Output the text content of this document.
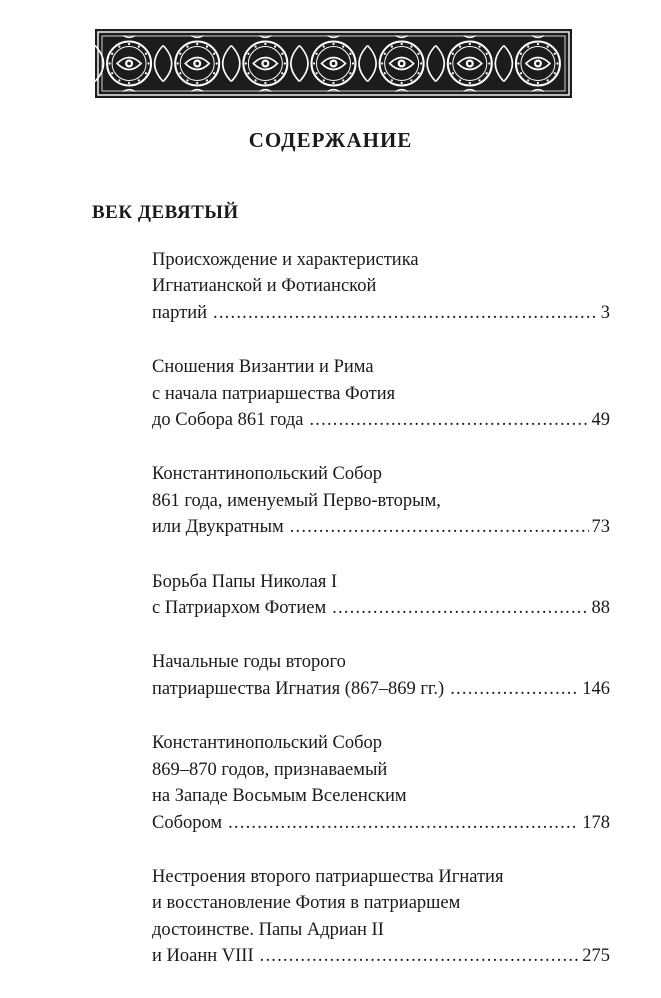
СОДЕРЖАНИЕ
ВЕК ДЕВЯТЫЙ
Происхождение и характеристика
Игнатианской и Фотианской
партий .....	3
Сношения Византии и Рима
с начала патриаршества Фотия
до Собора 861 года .....	49
Константинопольский Собор
861 года, именуемый Перво-вторым,
или Двукратным .....	73
Борьба Папы Николая I
с Патриархом Фотием .....	88
Начальные годы второго
патриаршества Игнатия (867–869 гг.) .....	146
Константинопольский Собор
869–870 годов, признаваемый
на Западе Восьмым Вселенским
Собором .....	178
Нестроения второго патриаршества Игнатия
и восстановление Фотия в патриаршем
достоинстве. Папы Адриан II
и Иоанн VIII .....	275
